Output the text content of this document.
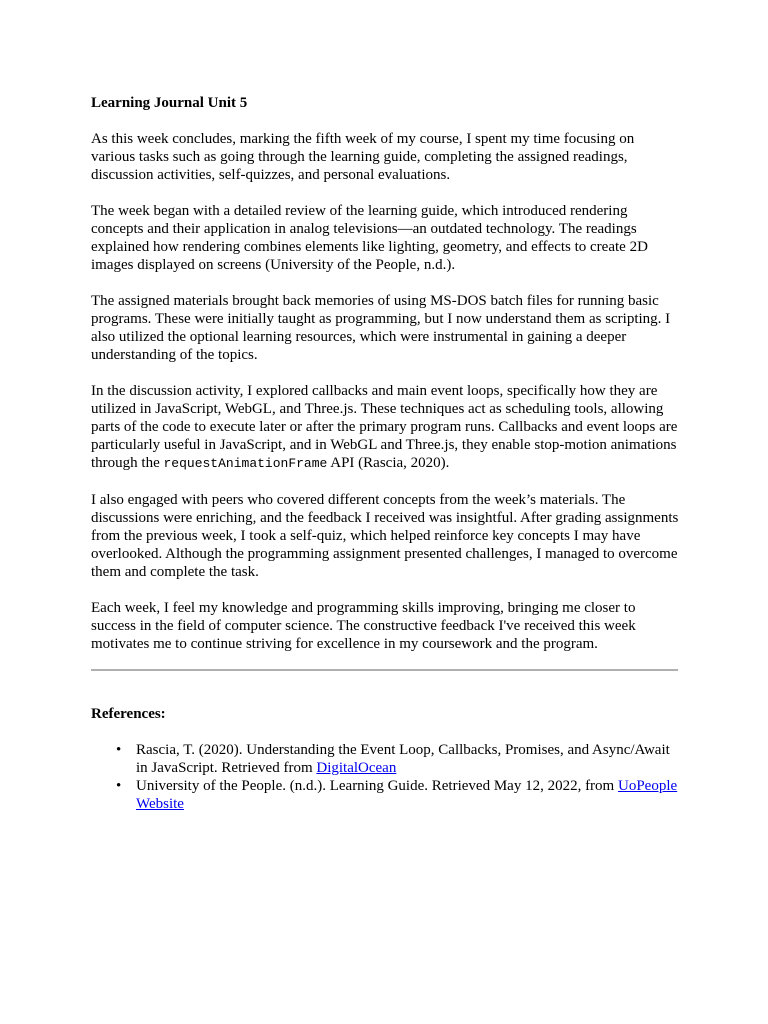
Learning Journal Unit 5

As this week concludes, marking the fifth week of my course, I spent my time focusing on various tasks such as going through the learning guide, completing the assigned readings, discussion activities, self-quizzes, and personal evaluations.

The week began with a detailed review of the learning guide, which introduced rendering concepts and their application in analog televisions—an outdated technology. The readings explained how rendering combines elements like lighting, geometry, and effects to create 2D images displayed on screens (University of the People, n.d.).

The assigned materials brought back memories of using MS-DOS batch files for running basic programs. These were initially taught as programming, but I now understand them as scripting. I also utilized the optional learning resources, which were instrumental in gaining a deeper understanding of the topics.

In the discussion activity, I explored callbacks and main event loops, specifically how they are utilized in JavaScript, WebGL, and Three.js. These techniques act as scheduling tools, allowing parts of the code to execute later or after the primary program runs. Callbacks and event loops are particularly useful in JavaScript, and in WebGL and Three.js, they enable stop-motion animations through the requestAnimationFrame API (Rascia, 2020).

I also engaged with peers who covered different concepts from the week’s materials. The discussions were enriching, and the feedback I received was insightful. After grading assignments from the previous week, I took a self-quiz, which helped reinforce key concepts I may have overlooked. Although the programming assignment presented challenges, I managed to overcome them and complete the task.

Each week, I feel my knowledge and programming skills improving, bringing me closer to success in the field of computer science. The constructive feedback I've received this week motivates me to continue striving for excellence in my coursework and the program.

References:
• Rascia, T. (2020). Understanding the Event Loop, Callbacks, Promises, and Async/Await in JavaScript. Retrieved from DigitalOcean
• University of the People. (n.d.). Learning Guide. Retrieved May 12, 2022, from UoPeople Website
